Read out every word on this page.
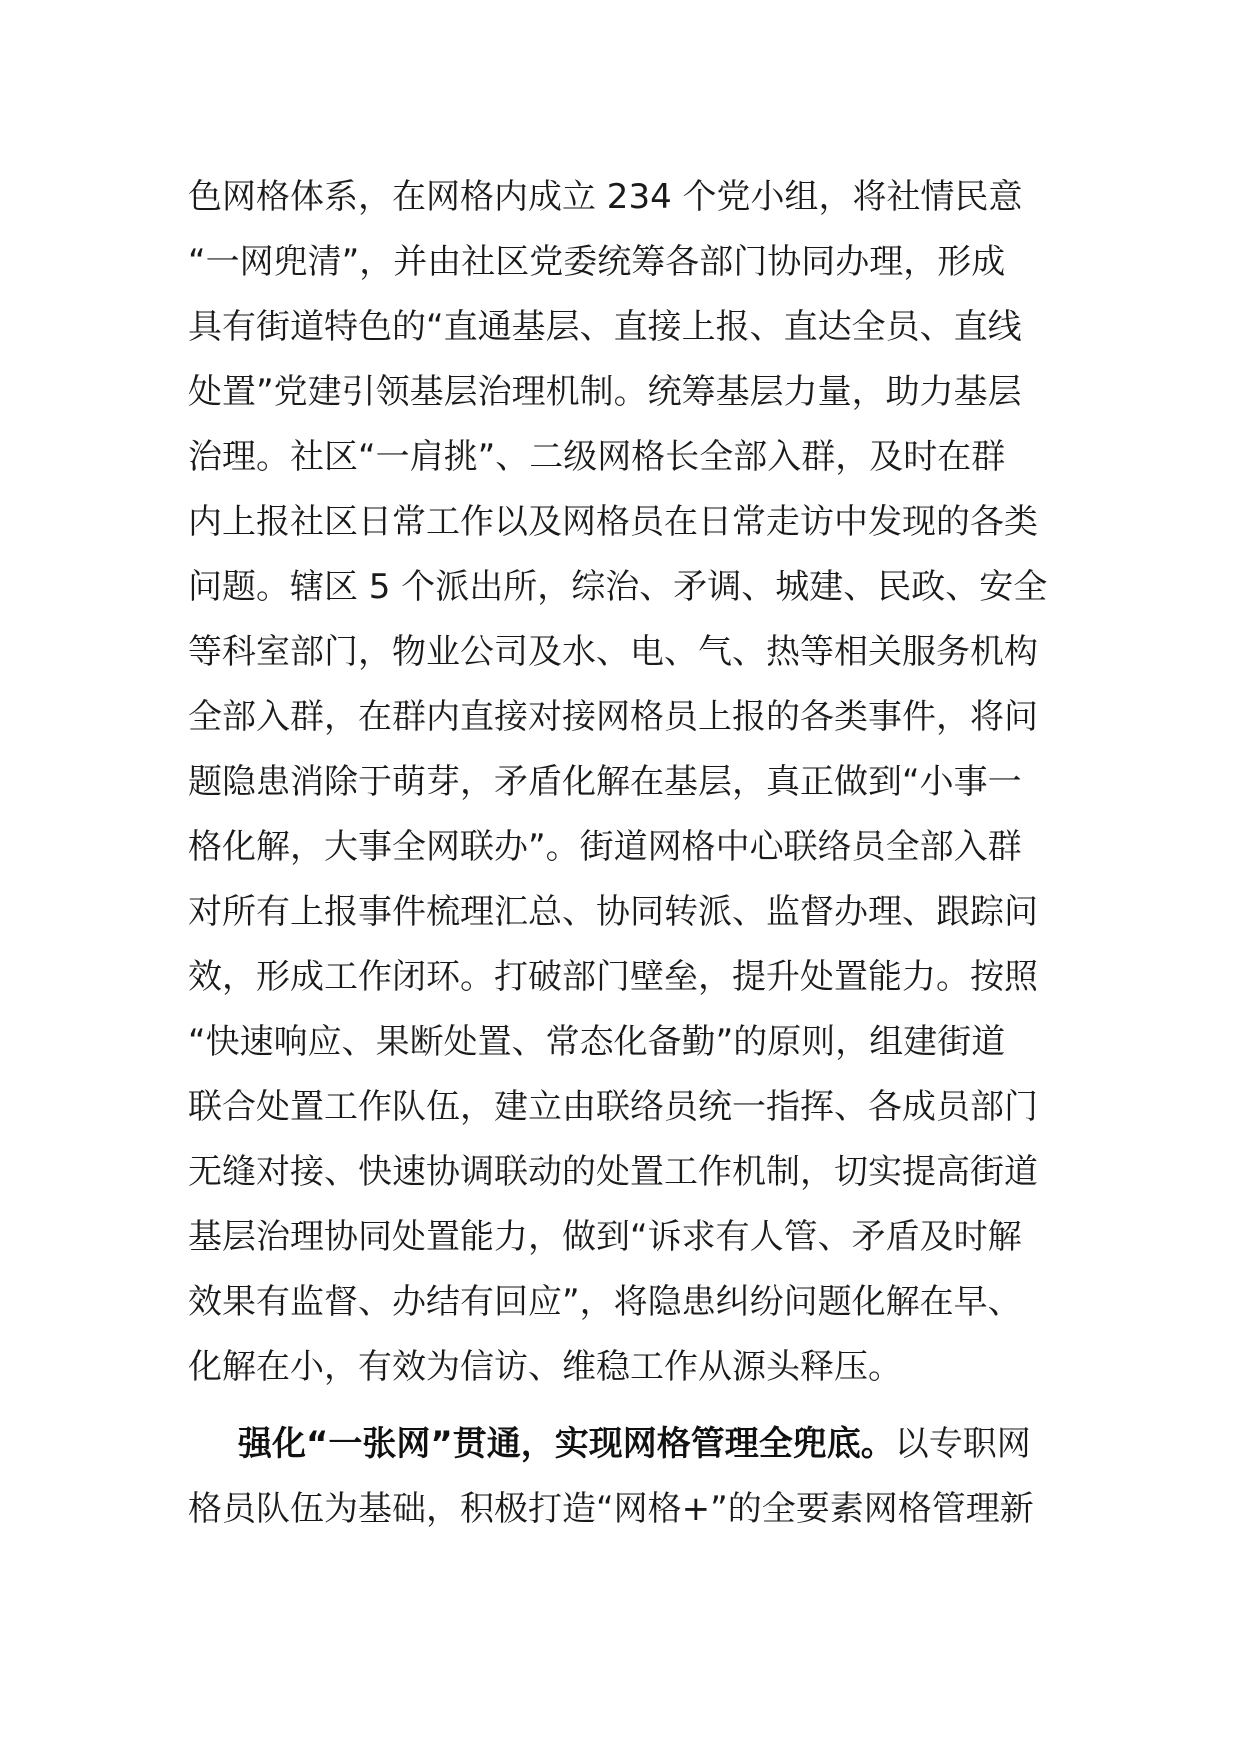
色网格体系，在网格内成立 234 个党小组，将社情民意
“一网兜清”，并由社区党委统筹各部门协同办理，形成
具有街道特色的“直通基层、直接上报、直达全员、直线
处置”党建引领基层治理机制。统筹基层力量，助力基层
治理。社区“一肩挑”、二级网格长全部入群，及时在群
内上报社区日常工作以及网格员在日常走访中发现的各类
问题。辖区 5 个派出所，综治、矛调、城建、民政、安全
等科室部门，物业公司及水、电、气、热等相关服务机构
全部入群，在群内直接对接网格员上报的各类事件，将问
题隐患消除于萌芽，矛盾化解在基层，真正做到“小事一
格化解，大事全网联办”。街道网格中心联络员全部入群
对所有上报事件梳理汇总、协同转派、监督办理、跟踪问
效，形成工作闭环。打破部门壁垒，提升处置能力。按照
“快速响应、果断处置、常态化备勤”的原则，组建街道
联合处置工作队伍，建立由联络员统一指挥、各成员部门
无缝对接、快速协调联动的处置工作机制，切实提高街道
基层治理协同处置能力，做到“诉求有人管、矛盾及时解
效果有监督、办结有回应”，将隐患纠纷问题化解在早、
化解在小，有效为信访、维稳工作从源头释压。
强化“一张网”贯通，实现网格管理全兜底。以专职网
格员队伍为基础，积极打造“网格+”的全要素网格管理新
